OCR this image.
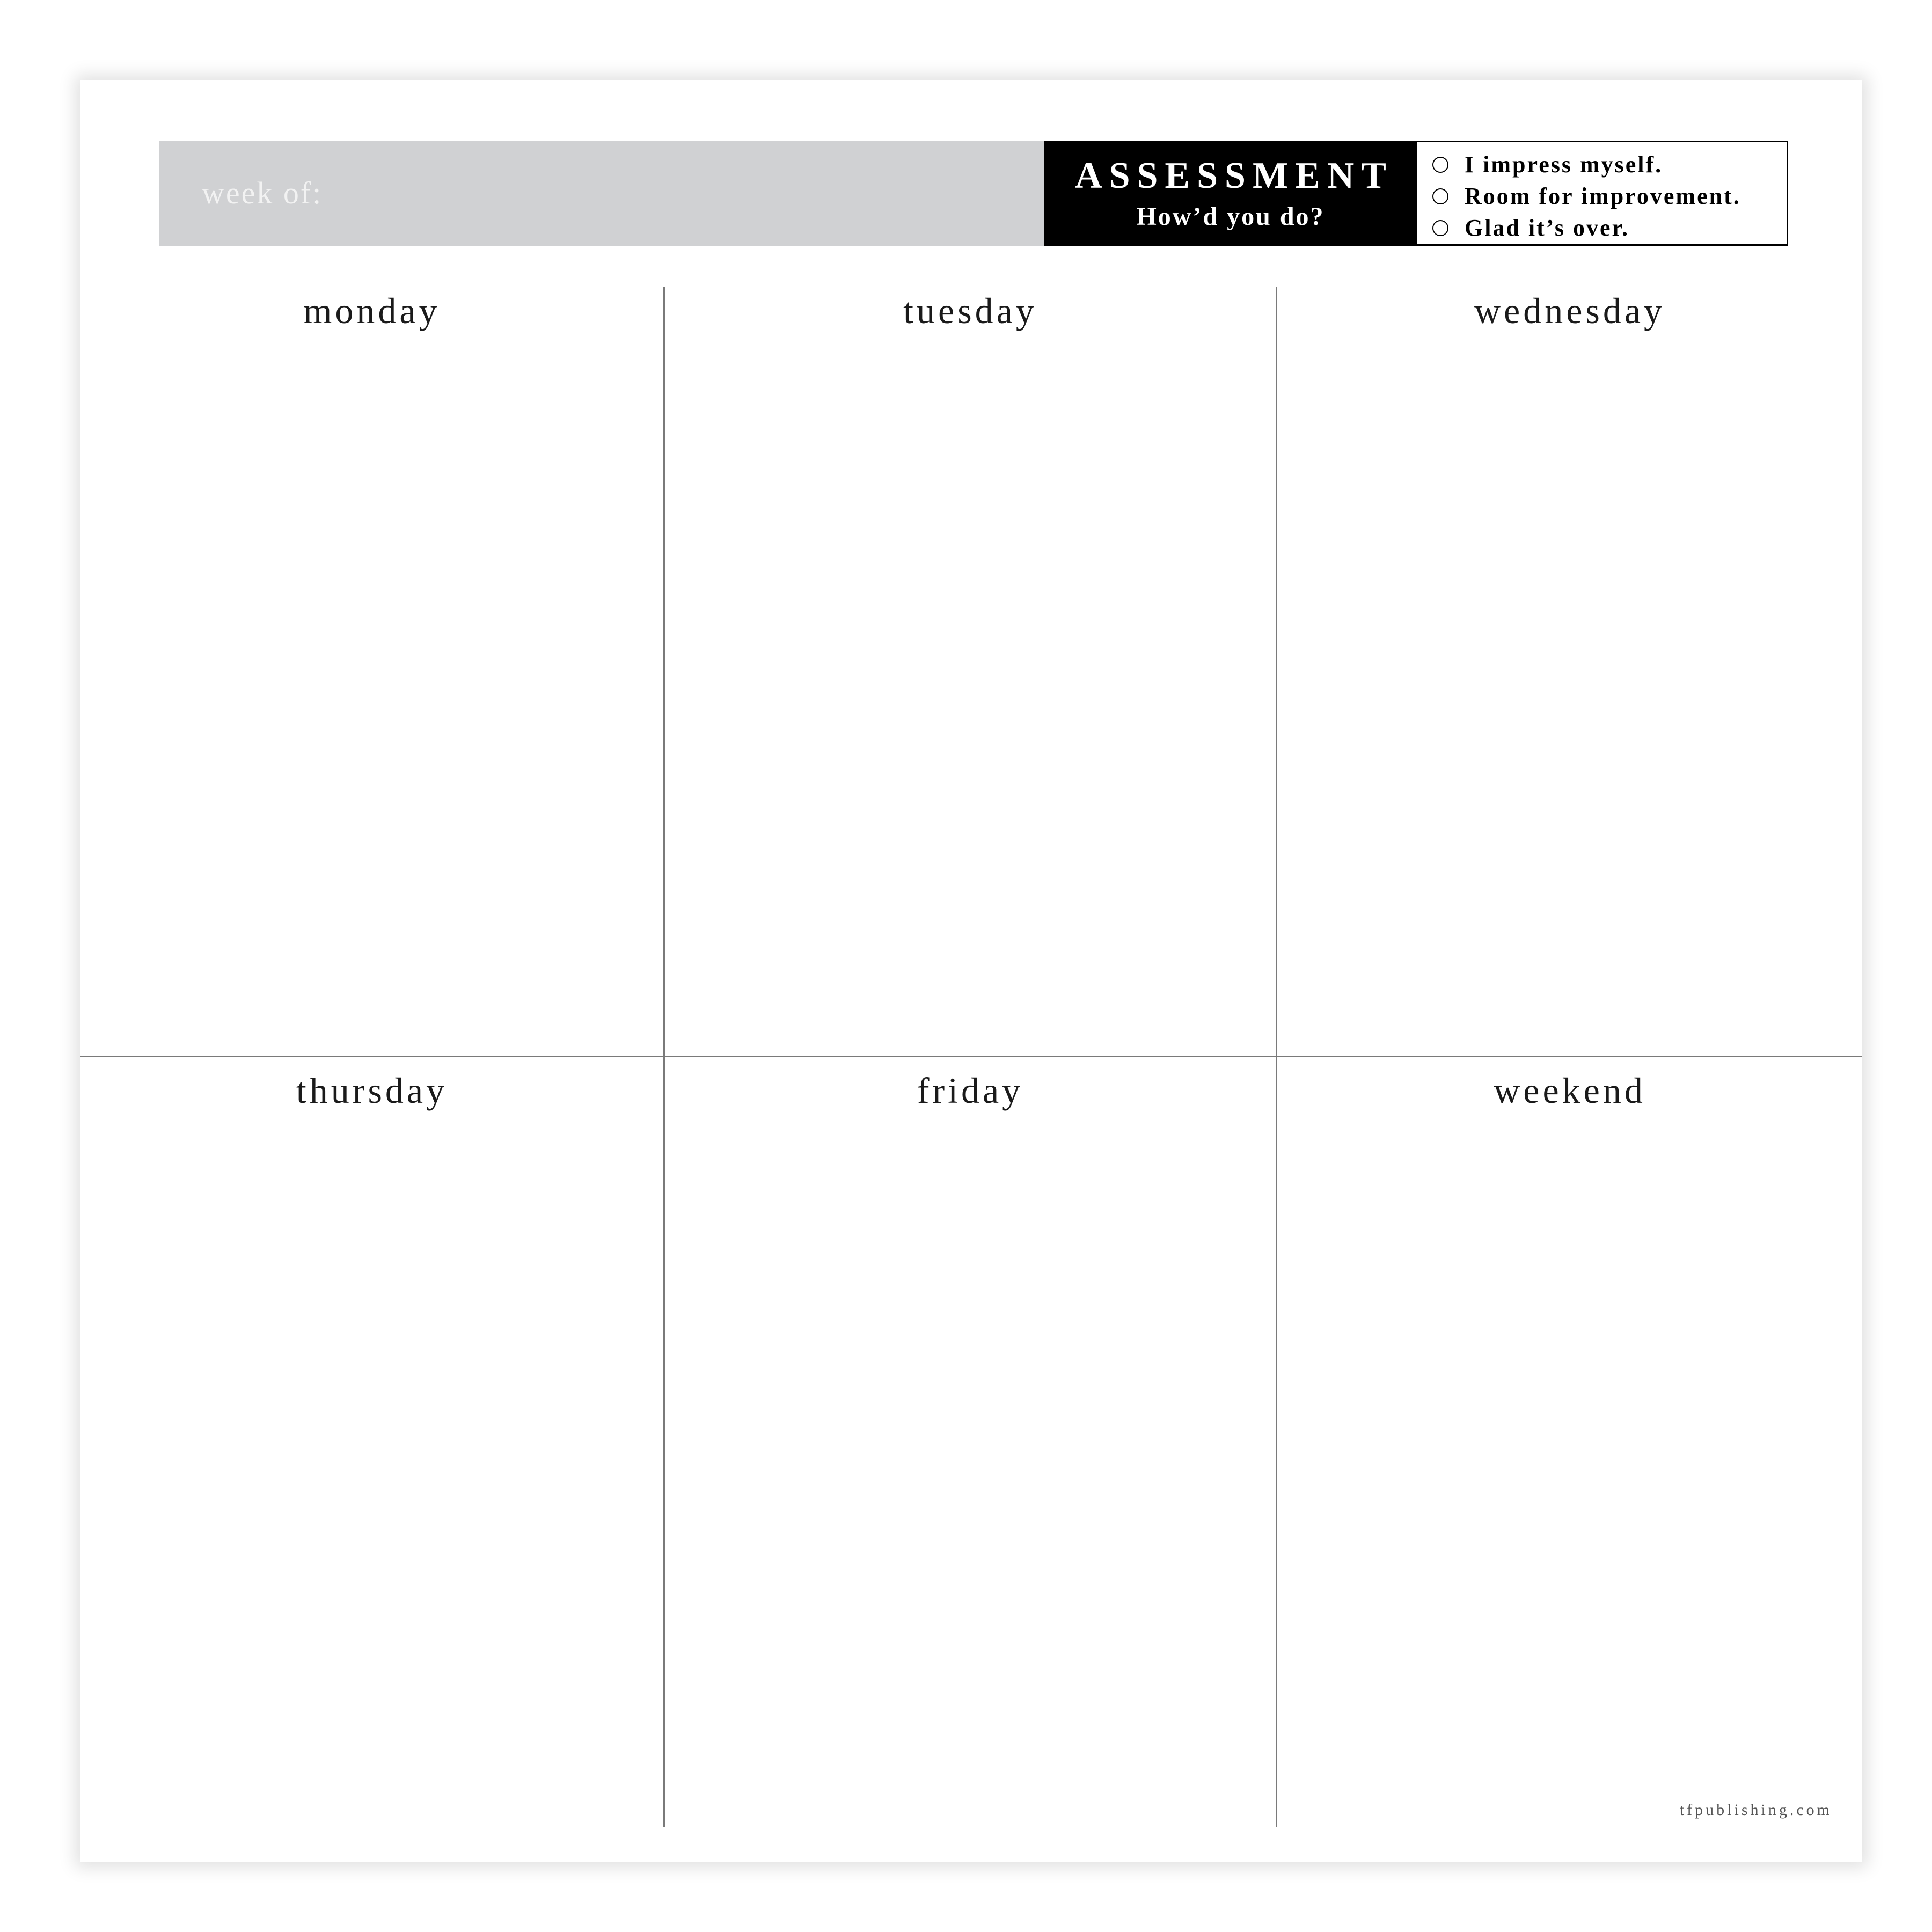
week of:	ASSESSMENT
How’d you do?
I impress myself.
Room for improvement.
Glad it’s over.
monday	tuesday	wednesday
thursday	friday	weekend
tfpublishing.com
